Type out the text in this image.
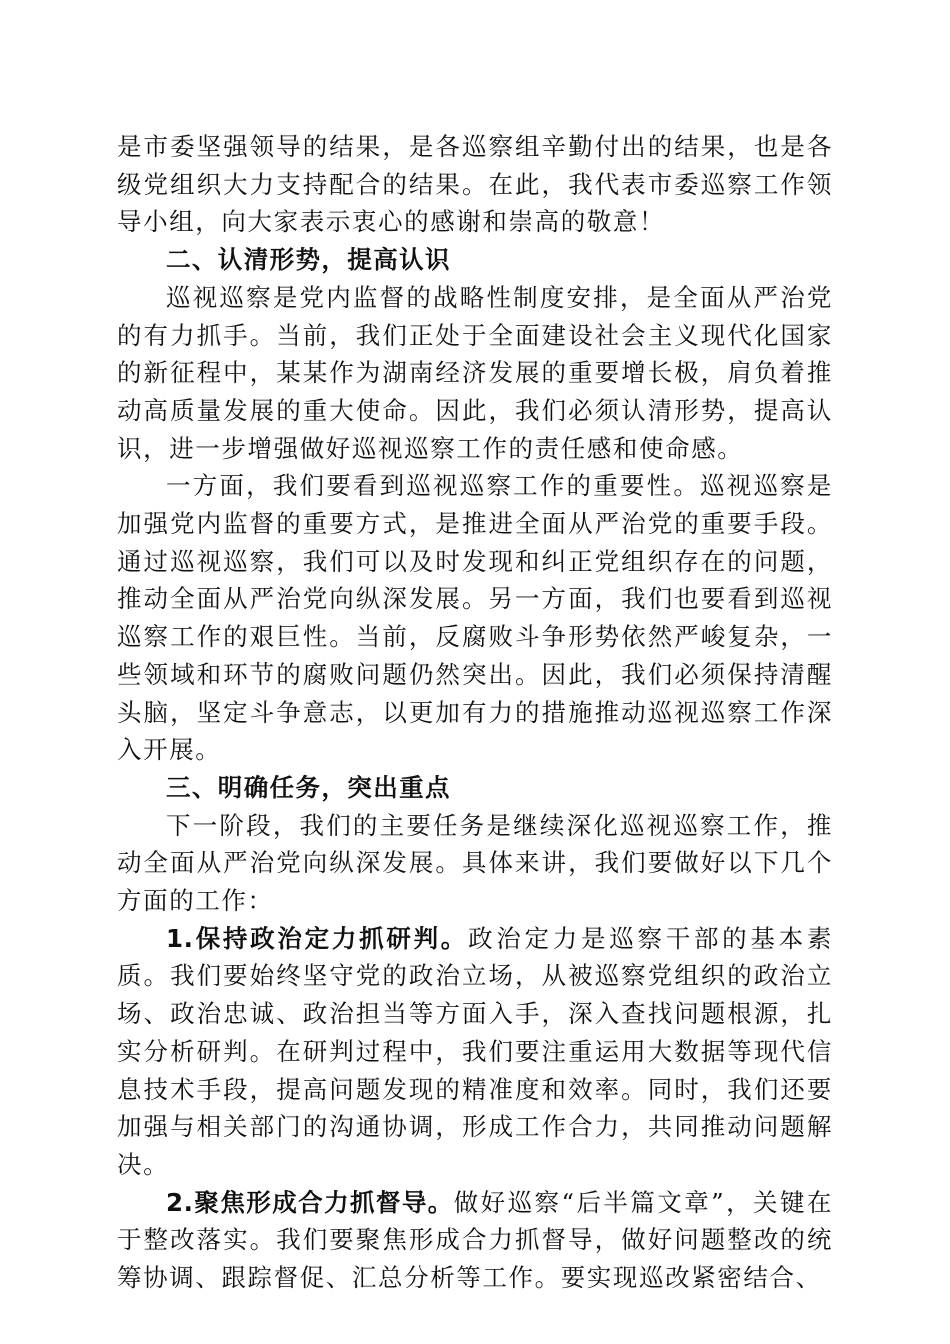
是市委坚强领导的结果，是各巡察组辛勤付出的结果，也是各级党组织大力支持配合的结果。在此，我代表市委巡察工作领导小组，向大家表示衷心的感谢和崇高的敬意！

二、认清形势，提高认识

巡视巡察是党内监督的战略性制度安排，是全面从严治党的有力抓手。当前，我们正处于全面建设社会主义现代化国家的新征程中，某某作为湖南经济发展的重要增长极，肩负着推动高质量发展的重大使命。因此，我们必须认清形势，提高认识，进一步增强做好巡视巡察工作的责任感和使命感。

一方面，我们要看到巡视巡察工作的重要性。巡视巡察是加强党内监督的重要方式，是推进全面从严治党的重要手段。通过巡视巡察，我们可以及时发现和纠正党组织存在的问题，推动全面从严治党向纵深发展。另一方面，我们也要看到巡视巡察工作的艰巨性。当前，反腐败斗争形势依然严峻复杂，一些领域和环节的腐败问题仍然突出。因此，我们必须保持清醒头脑，坚定斗争意志，以更加有力的措施推动巡视巡察工作深入开展。

三、明确任务，突出重点

下一阶段，我们的主要任务是继续深化巡视巡察工作，推动全面从严治党向纵深发展。具体来讲，我们要做好以下几个方面的工作：

1.保持政治定力抓研判。政治定力是巡察干部的基本素质。我们要始终坚守党的政治立场，从被巡察党组织的政治立场、政治忠诚、政治担当等方面入手，深入查找问题根源，扎实分析研判。在研判过程中，我们要注重运用大数据等现代信息技术手段，提高问题发现的精准度和效率。同时，我们还要加强与相关部门的沟通协调，形成工作合力，共同推动问题解决。

2.聚焦形成合力抓督导。做好巡察“后半篇文章”，关键在于整改落实。我们要聚焦形成合力抓督导，做好问题整改的统筹协调、跟踪督促、汇总分析等工作。要实现巡改紧密结合、
